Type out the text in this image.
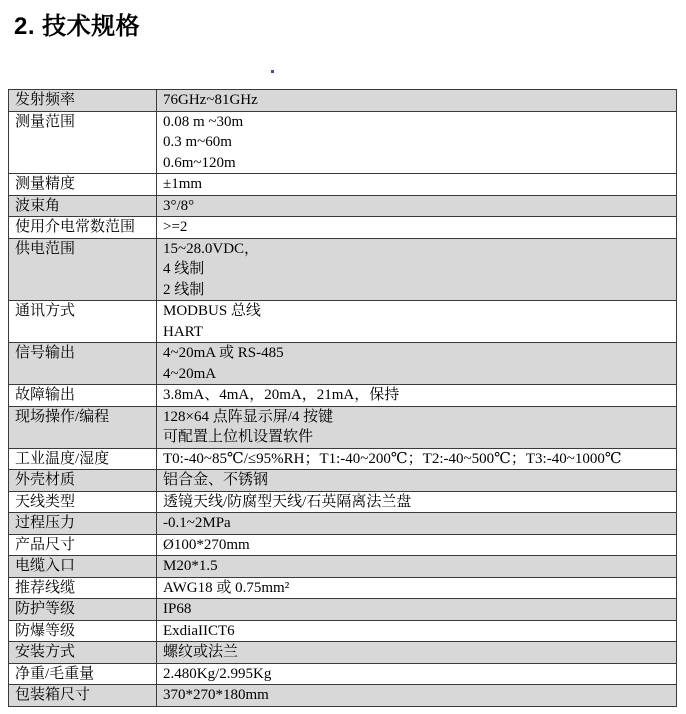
2. 技术规格
发射频率	76GHz~81GHz

测量范围	0.08 m ~30m
0.3 m~60m
0.6m~120m

测量精度	±1mm

波束角	3°/8°

使用介电常数范围	>=2

供电范围	15~28.0VDC，
4 线制
2 线制

通讯方式	MODBUS 总线
HART

信号输出	4~20mA 或 RS-485
4~20mA

故障输出	3.8mA、4mA，20mA，21mA，保持

现场操作/编程	128×64 点阵显示屏/4 按键
可配置上位机设置软件

工业温度/湿度	T0:-40~85℃/≤95%RH；T1:-40~200℃；T2:-40~500℃；T3:-40~1000℃

外壳材质	铝合金、不锈钢

天线类型	透镜天线/防腐型天线/石英隔离法兰盘

过程压力	-0.1~2MPa

产品尺寸	Ø100*270mm

电缆入口	M20*1.5

推荐线缆	AWG18 或 0.75mm²

防护等级	IP68

防爆等级	ExdiaIICT6

安装方式	螺纹或法兰

净重/毛重量	2.480Kg/2.995Kg

包装箱尺寸	370*270*180mm
